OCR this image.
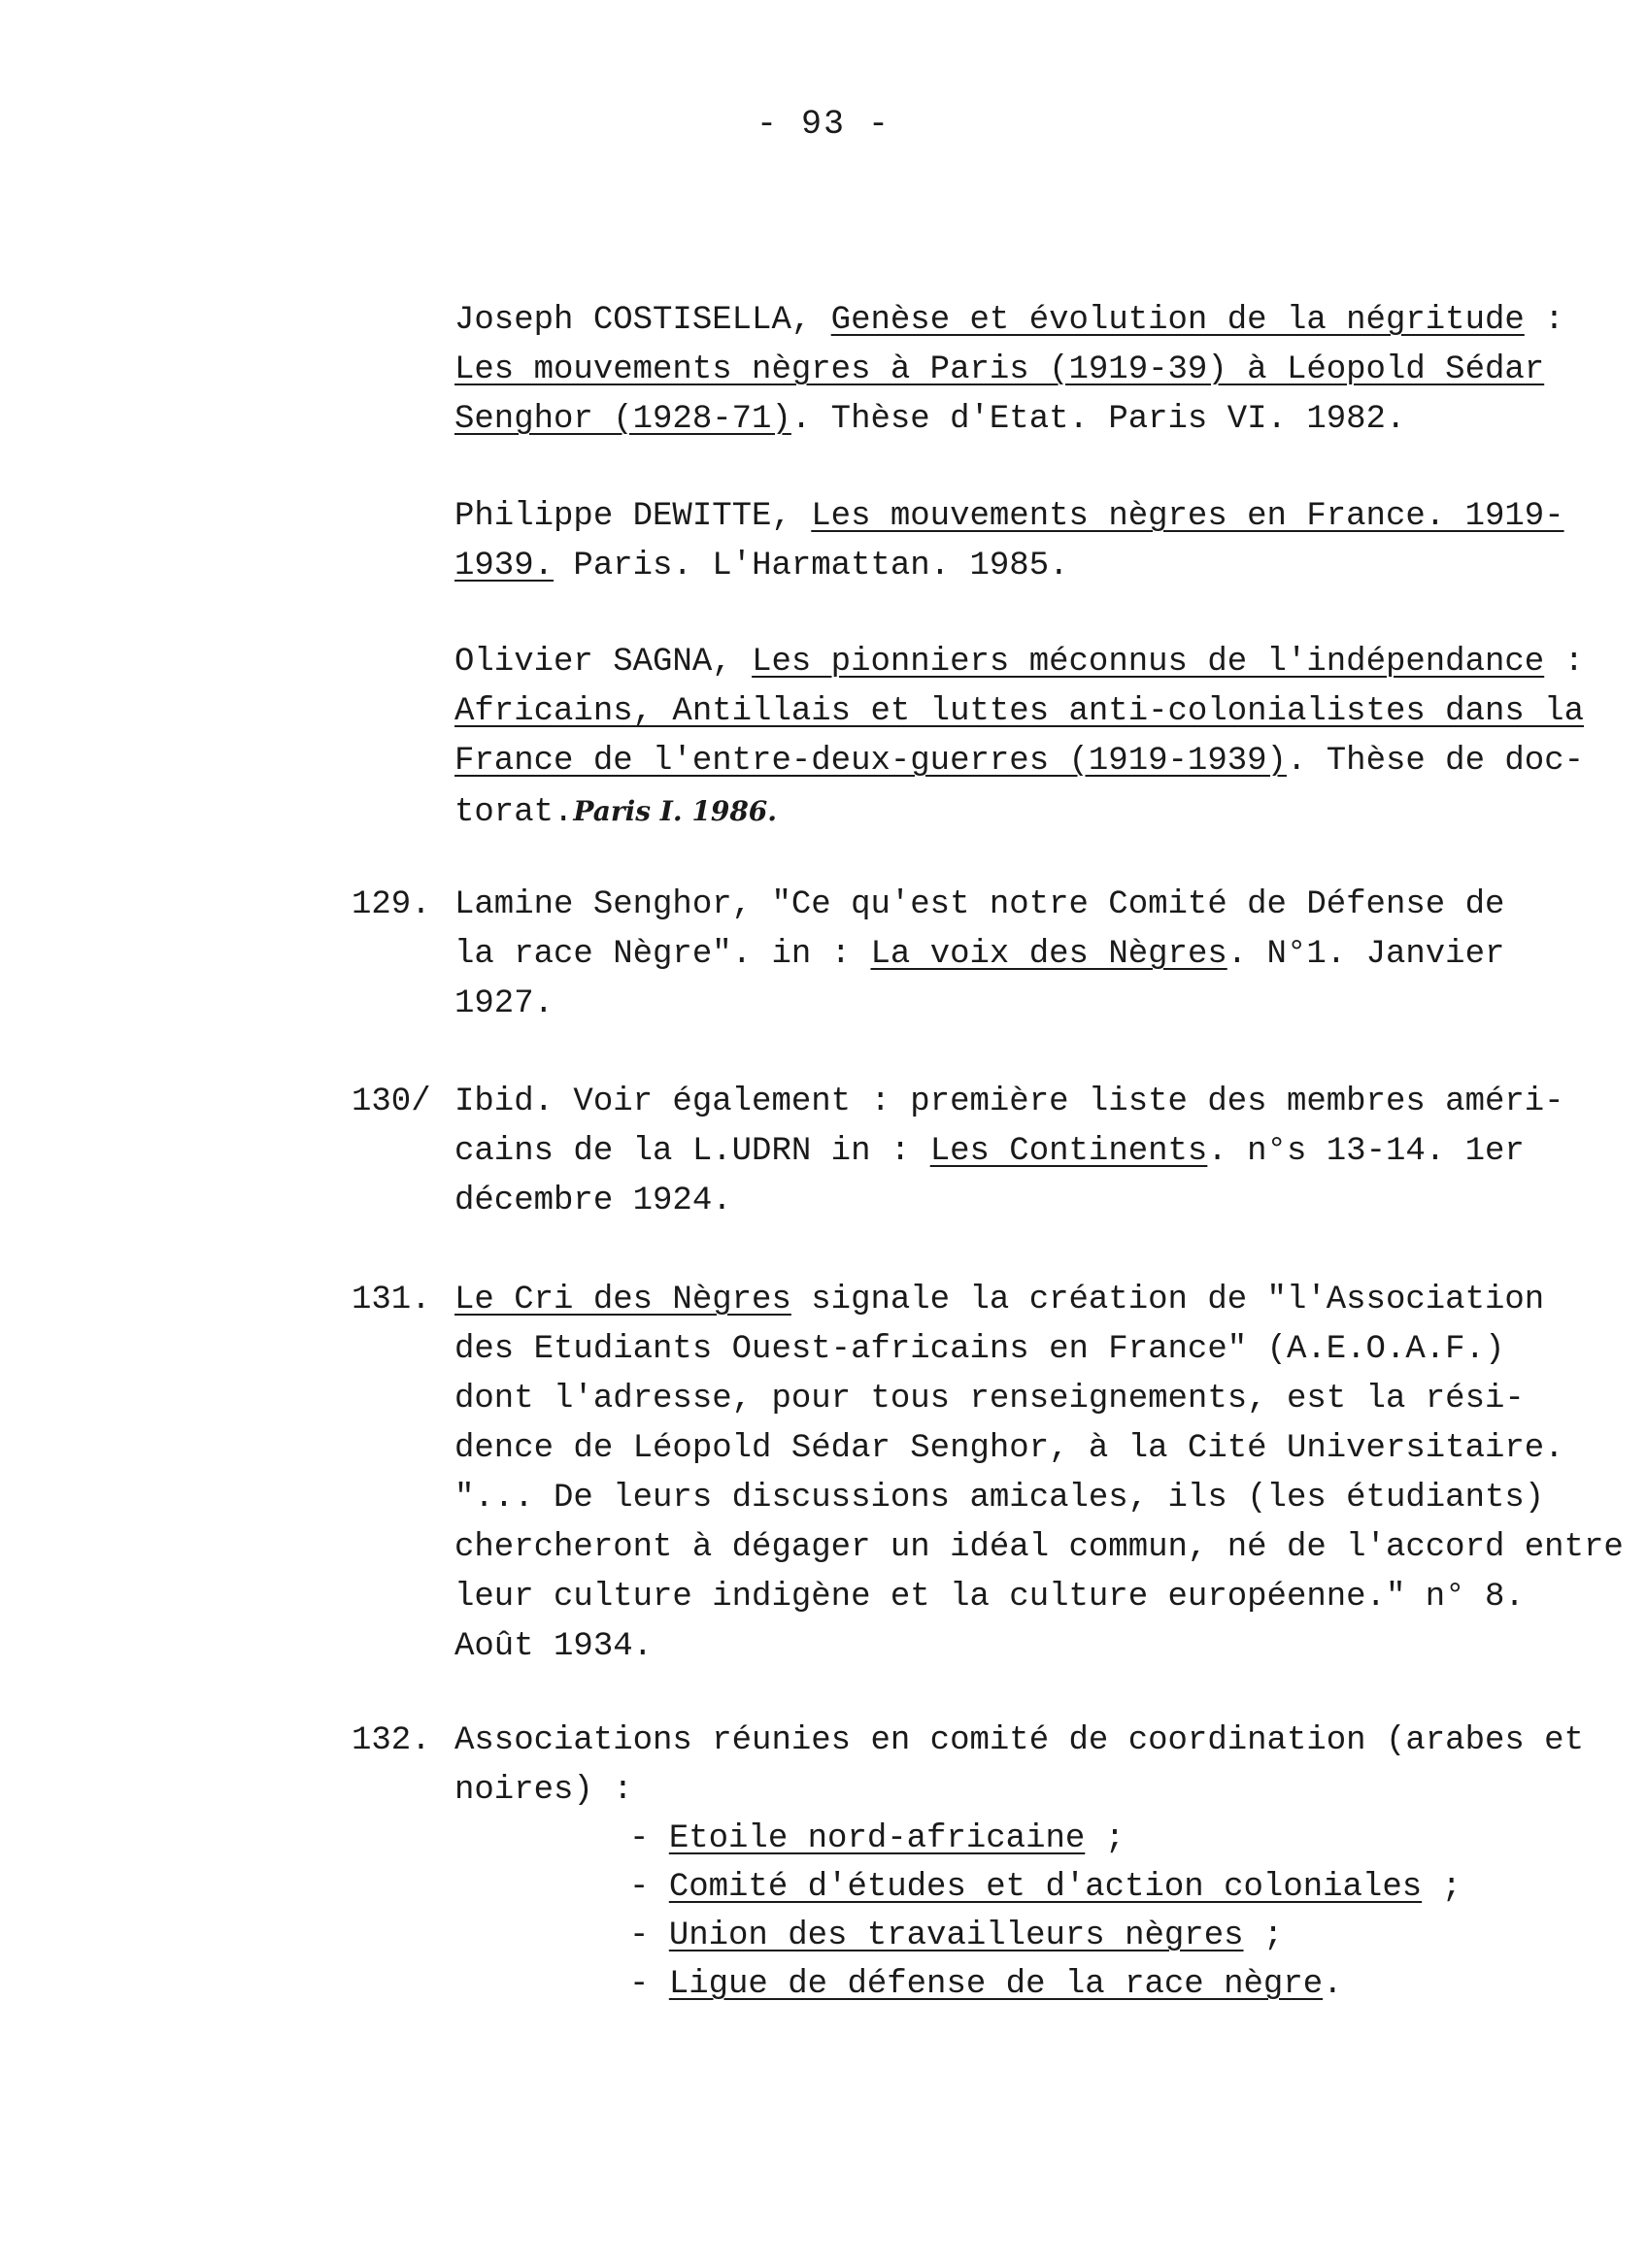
- 93 -
Joseph COSTISELLA, Genèse et évolution de la négritude :
Les mouvements nègres à Paris (1919-39) à Léopold Sédar
Senghor (1928-71). Thèse d'Etat. Paris VI. 1982.
Philippe DEWITTE, Les mouvements nègres en France. 1919-
1939. Paris. L'Harmattan. 1985.
Olivier SAGNA, Les pionniers méconnus de l'indépendance :
Africains, Antillais et luttes anti-colonialistes dans la
France de l'entre-deux-guerres (1919-1939). Thèse de doc-
torat.Paris I. 1986.
129. Lamine Senghor, "Ce qu'est notre Comité de Défense de
la race Nègre". in : La voix des Nègres. N°1. Janvier
1927.
130/ Ibid. Voir également : première liste des membres améri-
cains de la L.UDRN in : Les Continents. n°s 13-14. 1er
décembre 1924.
131. Le Cri des Nègres signale la création de "l'Association
des Etudiants Ouest-africains en France" (A.E.O.A.F.)
dont l'adresse, pour tous renseignements, est la rési-
dence de Léopold Sédar Senghor, à la Cité Universitaire.
"... De leurs discussions amicales, ils (les étudiants)
chercheront à dégager un idéal commun, né de l'accord entre
leur culture indigène et la culture européenne." n° 8.
Août 1934.
132. Associations réunies en comité de coordination (arabes et
noires) :
- Etoile nord-africaine ;
- Comité d'études et d'action coloniales ;
- Union des travailleurs nègres ;
- Ligue de défense de la race nègre.
